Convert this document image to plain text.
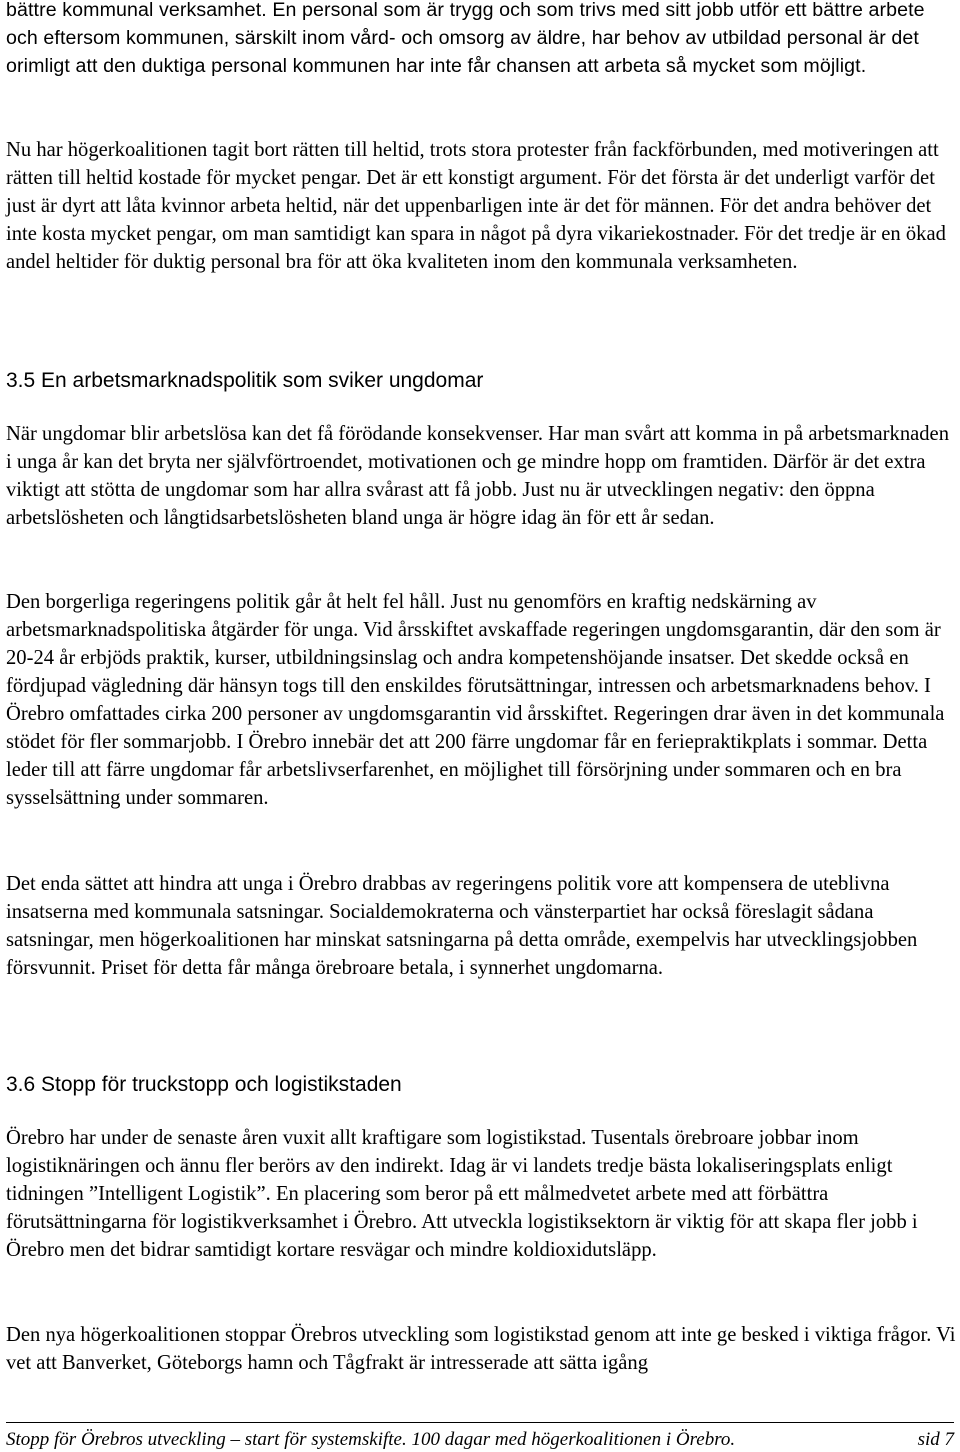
bättre kommunal verksamhet. En personal som är trygg och som trivs med sitt jobb utför ett bättre arbete och eftersom kommunen, särskilt inom vård- och omsorg av äldre, har behov av utbildad personal är det orimligt att den duktiga personal kommunen har inte får chansen att arbeta så mycket som möjligt.

Nu har högerkoalitionen tagit bort rätten till heltid, trots stora protester från fackförbunden, med motiveringen att rätten till heltid kostade för mycket pengar. Det är ett konstigt argument. För det första är det underligt varför det just är dyrt att låta kvinnor arbeta heltid, när det uppenbarligen inte är det för männen. För det andra behöver det inte kosta mycket pengar, om man samtidigt kan spara in något på dyra vikariekostnader. För det tredje är en ökad andel heltider för duktig personal bra för att öka kvaliteten inom den kommunala verksamheten.

3.5 En arbetsmarknadspolitik som sviker ungdomar

När ungdomar blir arbetslösa kan det få förödande konsekvenser. Har man svårt att komma in på arbetsmarknaden i unga år kan det bryta ner självförtroendet, motivationen och ge mindre hopp om framtiden. Därför är det extra viktigt att stötta de ungdomar som har allra svårast att få jobb. Just nu är utvecklingen negativ: den öppna arbetslösheten och långtidsarbetslösheten bland unga är högre idag än för ett år sedan.

Den borgerliga regeringens politik går åt helt fel håll. Just nu genomförs en kraftig nedskärning av arbetsmarknadspolitiska åtgärder för unga. Vid årsskiftet avskaffade regeringen ungdomsgarantin, där den som är 20-24 år erbjöds praktik, kurser, utbildningsinslag och andra kompetenshöjande insatser. Det skedde också en fördjupad vägledning där hänsyn togs till den enskildes förutsättningar, intressen och arbetsmarknadens behov. I Örebro omfattades cirka 200 personer av ungdomsgarantin vid årsskiftet. Regeringen drar även in det kommunala stödet för fler sommarjobb. I Örebro innebär det att 200 färre ungdomar får en feriepraktikplats i sommar. Detta leder till att färre ungdomar får arbetslivserfarenhet, en möjlighet till försörjning under sommaren och en bra sysselsättning under sommaren.

Det enda sättet att hindra att unga i Örebro drabbas av regeringens politik vore att kompensera de uteblivna insatserna med kommunala satsningar. Socialdemokraterna och vänsterpartiet har också föreslagit sådana satsningar, men högerkoalitionen har minskat satsningarna på detta område, exempelvis har utvecklingsjobben försvunnit. Priset för detta får många örebroare betala, i synnerhet ungdomarna.

3.6 Stopp för truckstopp och logistikstaden

Örebro har under de senaste åren vuxit allt kraftigare som logistikstad. Tusentals örebroare jobbar inom logistiknäringen och ännu fler berörs av den indirekt. Idag är vi landets tredje bästa lokaliseringsplats enligt tidningen ”Intelligent Logistik”. En placering som beror på ett målmedvetet arbete med att förbättra förutsättningarna för logistikverksamhet i Örebro. Att utveckla logistiksektorn är viktig för att skapa fler jobb i Örebro men det bidrar samtidigt kortare resvägar och mindre koldioxidutsläpp.

Den nya högerkoalitionen stoppar Örebros utveckling som logistikstad genom att inte ge besked i viktiga frågor. Vi vet att Banverket, Göteborgs hamn och Tågfrakt är intresserade att sätta igång

Stopp för Örebros utveckling – start för systemskifte. 100 dagar med högerkoalitionen i Örebro.	sid 7
